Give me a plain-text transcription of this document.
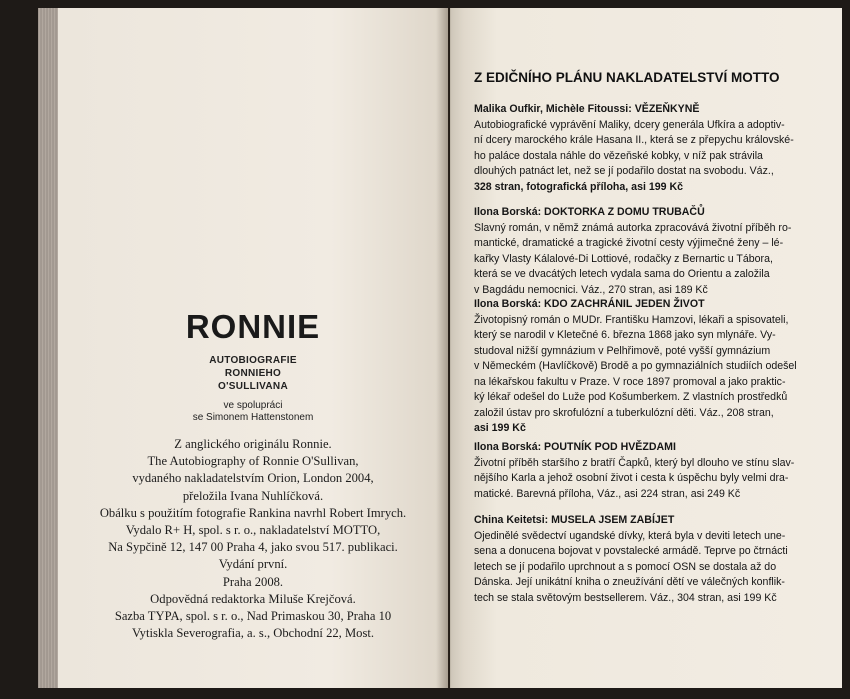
RONNIE
AUTOBIOGRAFIE
RONNIEHO
O'SULLIVANA
ve spolupráci
se Simonem Hattenstonem
Z anglického originálu Ronnie.
The Autobiography of Ronnie O'Sullivan,
vydaného nakladatelstvím Orion, London 2004,
přeložila Ivana Nuhlíčková.
Obálku s použitím fotografie Rankina navrhl Robert Imrych.
Vydalo R+ H, spol. s r. o., nakladatelství MOTTO,
Na Sypčině 12, 147 00 Praha 4, jako svou 517. publikaci.
Vydání první.
Praha 2008.
Odpovědná redaktorka Miluše Krejčová.
Sazba TYPA, spol. s r. o., Nad Primaskou 30, Praha 10
Vytiskla Severografia, a. s., Obchodní 22, Most.
Z EDIČNÍHO PLÁNU NAKLADATELSTVÍ MOTTO
Malika Oufkir, Michèle Fitoussi: VĚZEŇKYNĚ
Autobiografické vyprávění Maliky, dcery generála Ufkíra a adoptiv-
ní dcery marockého krále Hasana II., která se z přepychu královské-
ho paláce dostala náhle do vězeňské kobky, v níž pak strávila
dlouhých patnáct let, než se jí podařilo dostat na svobodu. Váz.,
328 stran, fotografická příloha, asi 199 Kč
Ilona Borská: DOKTORKA Z DOMU TRUBAČŮ
Slavný román, v němž známá autorka zpracovává životní příběh ro-
mantické, dramatické a tragické životní cesty výjimečné ženy – lé-
kařky Vlasty Kálalové-Di Lottiové, rodačky z Bernartic u Tábora,
která se ve dvacátých letech vydala sama do Orientu a založila
v Bagdádu nemocnici. Váz., 270 stran, asi 189 Kč
Ilona Borská: KDO ZACHRÁNIL JEDEN ŽIVOT
Životopisný román o MUDr. Františku Hamzovi, lékaři a spisovateli,
který se narodil v Kletečné 6. března 1868 jako syn mlynáře. Vy-
studoval nižší gymnázium v Pelhřimově, poté vyšší gymnázium
v Německém (Havlíčkově) Brodě a po gymnaziálních studiích odešel
na lékařskou fakultu v Praze. V roce 1897 promoval a jako praktic-
ký lékař odešel do Luže pod Košumberkem. Z vlastních prostředků
založil ústav pro skrofulózní a tuberkulózní děti. Váz., 208 stran,
asi 199 Kč
Ilona Borská: POUTNÍK POD HVĚZDAMI
Životní příběh staršího z bratří Čapků, který byl dlouho ve stínu slav-
nějšího Karla a jehož osobní život i cesta k úspěchu byly velmi dra-
matické. Barevná příloha, Váz., asi 224 stran, asi 249 Kč
China Keitetsi: MUSELA JSEM ZABÍJET
Ojedinělé svědectví ugandské dívky, která byla v deviti letech une-
sena a donucena bojovat v povstalecké armádě. Teprve po čtrnácti
letech se jí podařilo uprchnout a s pomocí OSN se dostala až do
Dánska. Její unikátní kniha o zneužívání dětí ve válečných konflik-
tech se stala světovým bestsellerem. Váz., 304 stran, asi 199 Kč
